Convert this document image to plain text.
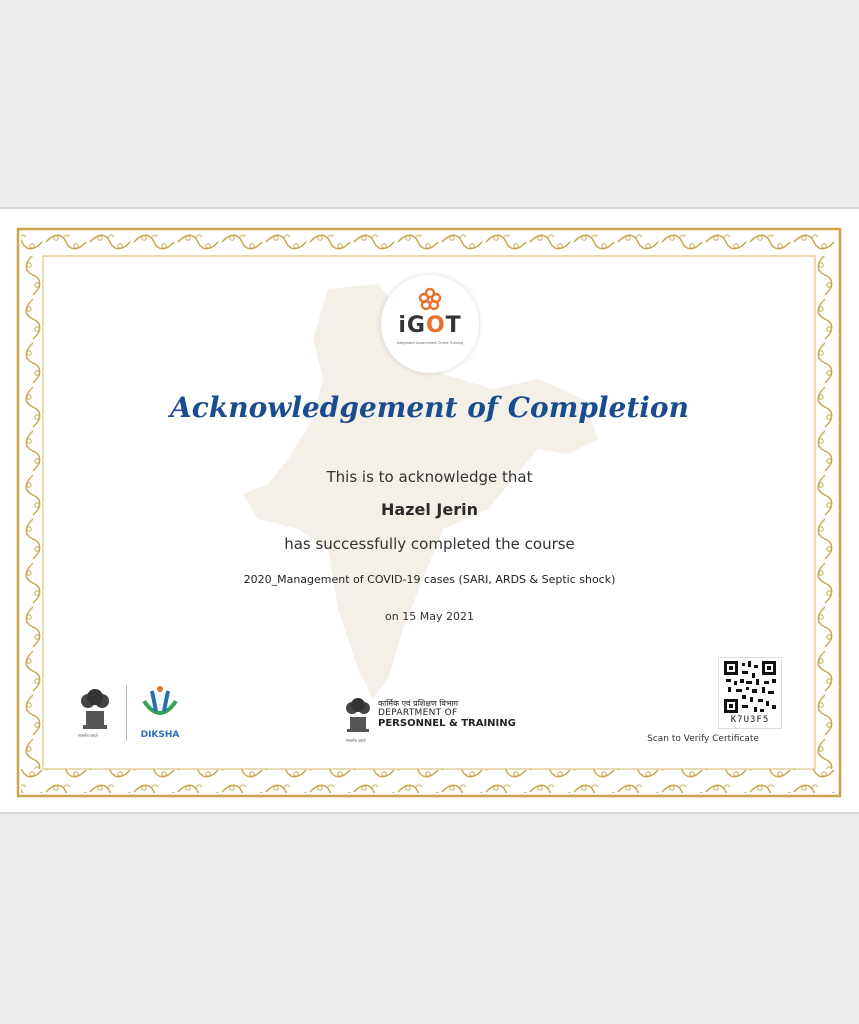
iGOT
Integrated Government Online Training
Acknowledgement of Completion
This is to acknowledge that
Hazel Jerin
has successfully completed the course
2020_Management of COVID-19 cases (SARI, ARDS & Septic shock)
on 15 May 2021
सत्यमेव जयते	DIKSHA
सत्यमेव जयते
कार्मिक एवं प्रशिक्षण विभाग
DEPARTMENT OF
PERSONNEL & TRAINING	K7U3F5
Scan to Verify Certificate
